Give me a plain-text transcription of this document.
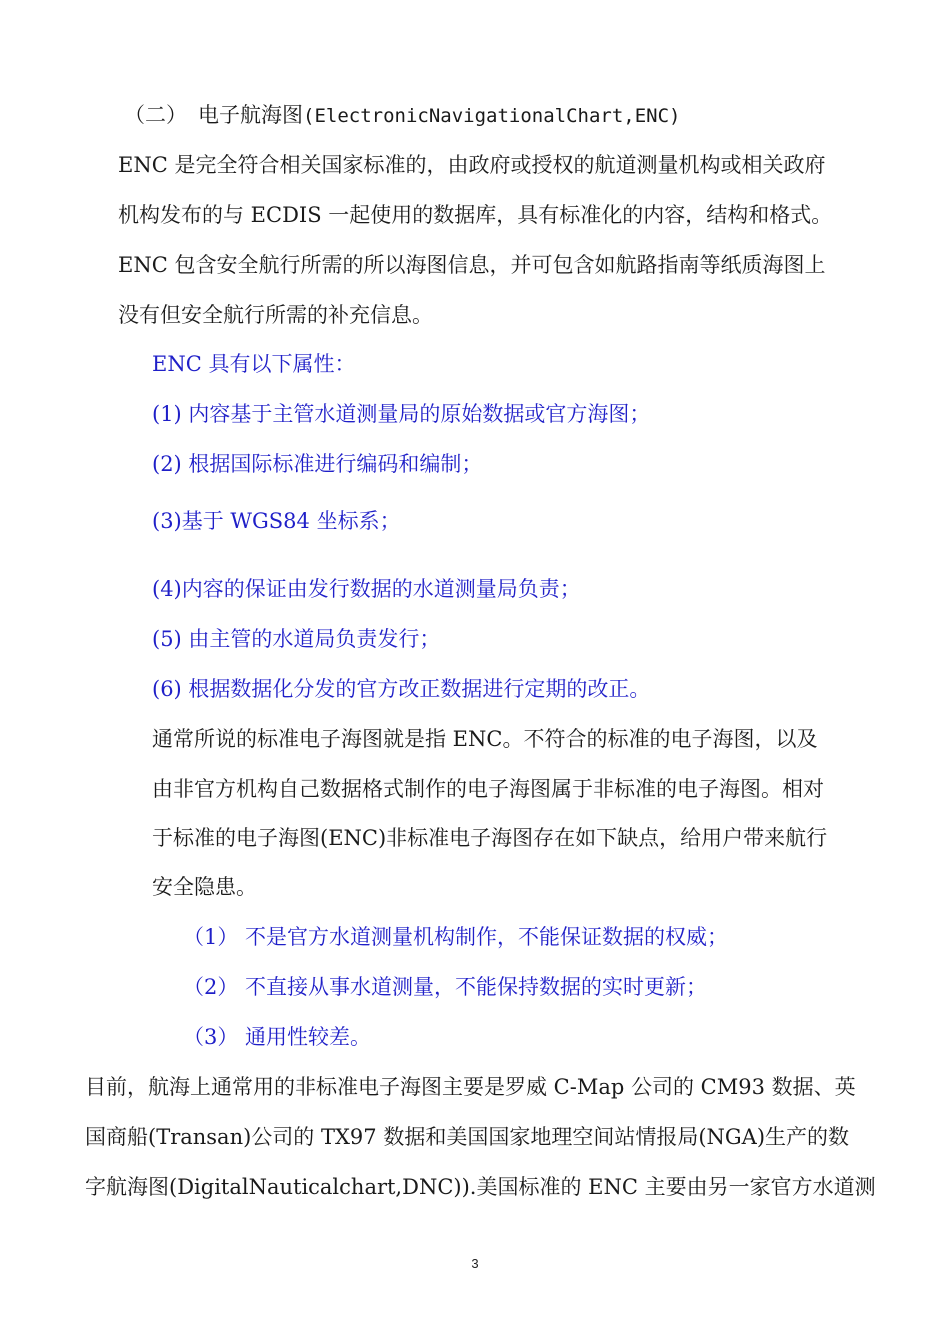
（二） 电子航海图(ElectronicNavigationalChart,ENC)
ENC 是完全符合相关国家标准的，由政府或授权的航道测量机构或相关政府
机构发布的与 ECDIS 一起使用的数据库，具有标准化的内容，结构和格式。
ENC 包含安全航行所需的所以海图信息，并可包含如航路指南等纸质海图上
没有但安全航行所需的补充信息。
ENC 具有以下属性：
(1) 内容基于主管水道测量局的原始数据或官方海图；
(2) 根据国际标准进行编码和编制；
(3)基于 WGS84 坐标系；
(4)内容的保证由发行数据的水道测量局负责；
(5) 由主管的水道局负责发行；
(6) 根据数据化分发的官方改正数据进行定期的改正。
通常所说的标准电子海图就是指 ENC。不符合的标准的电子海图，以及
由非官方机构自己数据格式制作的电子海图属于非标准的电子海图。相对
于标准的电子海图(ENC)非标准电子海图存在如下缺点，给用户带来航行
安全隐患。
（1） 不是官方水道测量机构制作，不能保证数据的权威；
（2） 不直接从事水道测量，不能保持数据的实时更新；
（3） 通用性较差。
目前，航海上通常用的非标准电子海图主要是罗威 C-Map 公司的 CM93 数据、英
国商船(Transan)公司的 TX97 数据和美国国家地理空间站情报局(NGA)生产的数
字航海图(DigitalNauticalchart,DNC)).美国标准的 ENC 主要由另一家官方水道测
3
